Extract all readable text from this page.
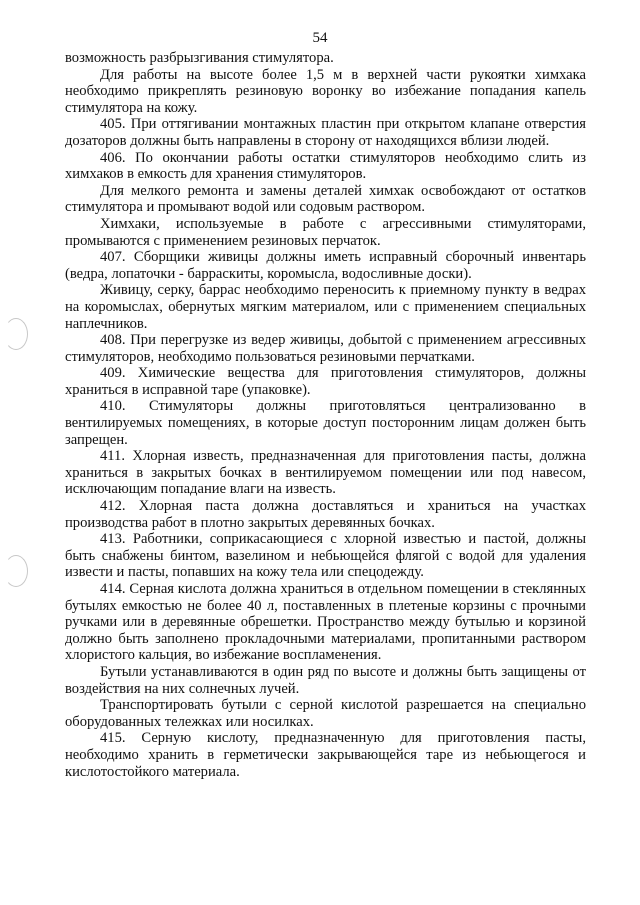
54

возможность разбрызгивания стимулятора.

Для работы на высоте более 1,5 м в верхней части рукоятки химхака необходимо прикреплять резиновую воронку во избежание попадания капель стимулятора на кожу.

405. При оттягивании монтажных пластин при открытом клапане отверстия дозаторов должны быть направлены в сторону от находящихся вблизи людей.

406. По окончании работы остатки стимуляторов необходимо слить из химхаков в емкость для хранения стимуляторов.

Для мелкого ремонта и замены деталей химхак освобождают от остатков стимулятора и промывают водой или содовым раствором.

Химхаки, используемые в работе с агрессивными стимуляторами, промываются с применением резиновых перчаток.

407. Сборщики живицы должны иметь исправный сборочный инвентарь (ведра, лопаточки - барраскиты, коромысла, водосливные доски).

Живицу, серку, баррас необходимо переносить к приемному пункту в ведрах на коромыслах, обернутых мягким материалом, или с применением специальных наплечников.

408. При перегрузке из ведер живицы, добытой с применением агрессивных стимуляторов, необходимо пользоваться резиновыми перчатками.

409. Химические вещества для приготовления стимуляторов, должны храниться в исправной таре (упаковке).

410. Стимуляторы должны приготовляться централизованно в вентилируемых помещениях, в которые доступ посторонним лицам должен быть запрещен.

411. Хлорная известь, предназначенная для приготовления пасты, должна храниться в закрытых бочках в вентилируемом помещении или под навесом, исключающим попадание влаги на известь.

412. Хлорная паста должна доставляться и храниться на участках производства работ в плотно закрытых деревянных бочках.

413. Работники, соприкасающиеся с хлорной известью и пастой, должны быть снабжены бинтом, вазелином и небьющейся флягой с водой для удаления извести и пасты, попавших на кожу тела или спецодежду.

414. Серная кислота должна храниться в отдельном помещении в стеклянных бутылях емкостью не более 40 л, поставленных в плетеные корзины с прочными ручками или в деревянные обрешетки. Пространство между бутылью и корзиной должно быть заполнено прокладочными материалами, пропитанными раствором хлористого кальция, во избежание воспламенения.

Бутыли устанавливаются в один ряд по высоте и должны быть защищены от воздействия на них солнечных лучей.

Транспортировать бутыли с серной кислотой разрешается на специально оборудованных тележках или носилках.

415. Серную кислоту, предназначенную для приготовления пасты, необходимо хранить в герметически закрывающейся таре из небьющегося и кислотостойкого материала.
